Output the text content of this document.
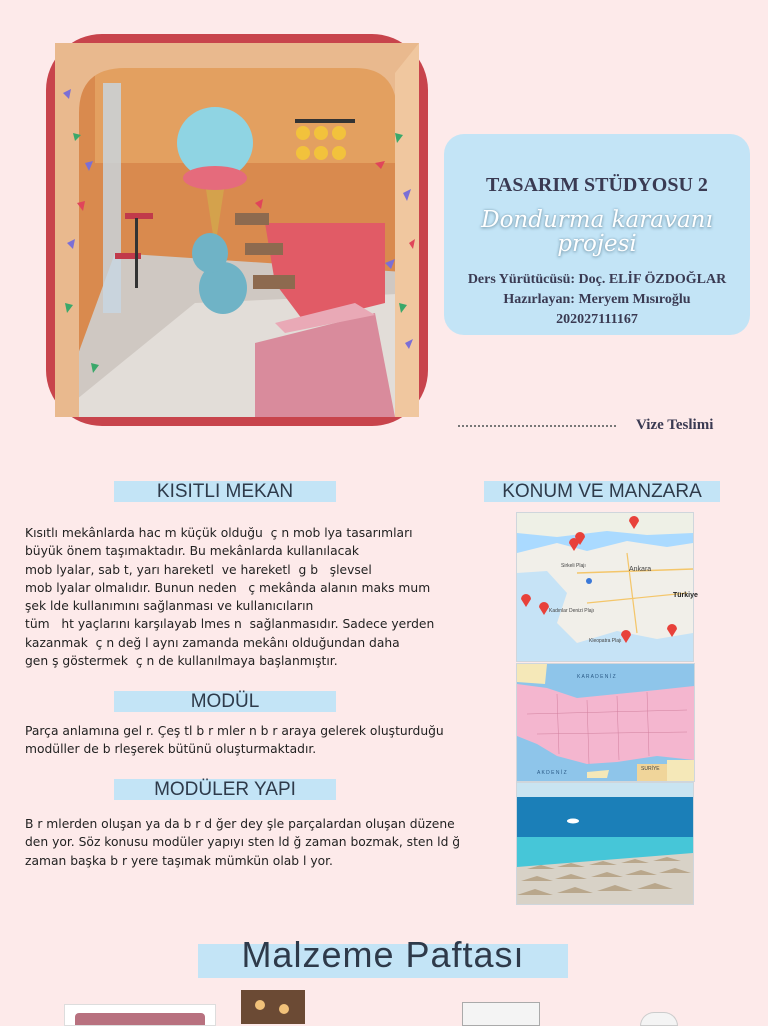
TASARIM STÜDYOSU 2
Dondurma karavanı projesi
Ders Yürütücüsü: Doç. ELİF ÖZDOĞLAR
Hazırlayan: Meryem Mısıroğlu
202027111167
Vize Teslimi
KISITLI MEKAN
Kısıtlı mekânlarda hac m küçük olduğu  ç n mob lya tasarımları
büyük önem taşımaktadır. Bu mekânlarda kullanılacak
mob lyalar, sab t, yarı hareketl  ve hareketl  g b   şlevsel
mob lyalar olmalıdır. Bunun neden   ç mekânda alanın maks mum
şek lde kullanımını sağlanması ve kullanıcıların
tüm   ht yaçlarını karşılayab lmes n  sağlanmasıdır. Sadece yerden
kazanmak  ç n değ l aynı zamanda mekânı olduğundan daha
gen ş göstermek  ç n de kullanılmaya başlanmıştır.
MODÜL
Parça anlamına gel r. Çeş tl b r mler n b r araya gelerek oluşturduğu
modüller de b rleşerek bütünü oluşturmaktadır.
MODÜLER YAPI
B r mlerden oluşan ya da b r d ğer dey şle parçalardan oluşan düzene
den yor. Söz konusu modüler yapıyı sten ld ğ zaman bozmak, sten ld ğ
zaman başka b r yere taşımak mümkün olab l yor.
KONUM VE MANZARA
Ankara
Türkiye
Kadınlar Denizi Plajı
Kleopatra Plajı
Sirkeli Plajı
K A R A D E N İ Z
A K D E N İ Z
SURİYE
Malzeme Paftası
